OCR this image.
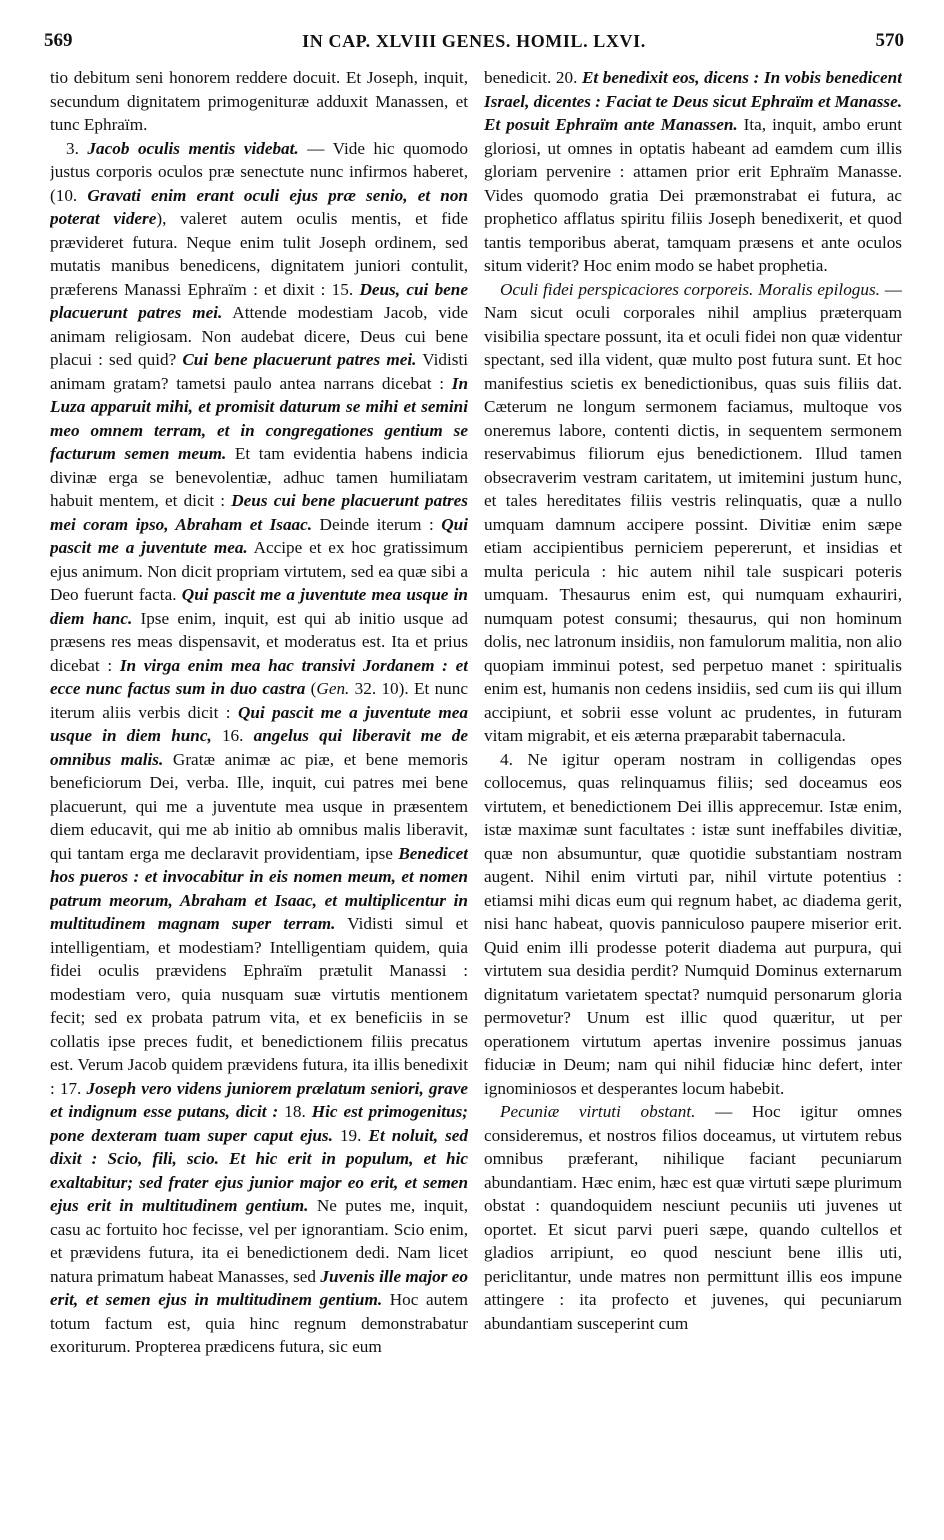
569	IN CAP. XLVIII GENES. HOMIL. LXVI.	570

tio debitum seni honorem reddere docuit. Et Joseph, inquit, secundum dignitatem primogenituræ adduxit Manassen, et tunc Ephraïm.

3. Jacob oculis mentis videbat. — Vide hic quomodo justus corporis oculos præ senectute nunc infirmos haberet, (10. Gravati enim erant oculi ejus præ senio, et non poterat videre), valeret autem oculis mentis, et fide prævideret futura. Neque enim tulit Joseph ordinem, sed mutatis manibus benedicens, dignitatem juniori contulit, præferens Manassi Ephraïm : et dixit : 15. Deus, cui bene placuerunt patres mei. Attende modestiam Jacob, vide animam religiosam. Non audebat dicere, Deus cui bene placui : sed quid? Cui bene placuerunt patres mei. Vidisti animam gratam? tametsi paulo antea narrans dicebat : In Luza apparuit mihi, et promisit daturum se mihi et semini meo omnem terram, et in congregationes gentium se facturum semen meum. Et tam evidentia habens indicia divinæ erga se benevolentiæ, adhuc tamen humiliatam habuit mentem, et dicit : Deus cui bene placuerunt patres mei coram ipso, Abraham et Isaac. Deinde iterum : Qui pascit me a juventute mea. Accipe et ex hoc gratissimum ejus animum. Non dicit propriam virtutem, sed ea quæ sibi a Deo fuerunt facta. Qui pascit me a juventute mea usque in diem hanc. Ipse enim, inquit, est qui ab initio usque ad præsens res meas dispensavit, et moderatus est. Ita et prius dicebat : In virga enim mea hac transivi Jordanem : et ecce nunc factus sum in duo castra (Gen. 32. 10). Et nunc iterum aliis verbis dicit : Qui pascit me a juventute mea usque in diem hunc, 16. angelus qui liberavit me de omnibus malis. Gratæ animæ ac piæ, et bene memoris beneficiorum Dei, verba. Ille, inquit, cui patres mei bene placuerunt, qui me a juventute mea usque in præsentem diem educavit, qui me ab initio ab omnibus malis liberavit, qui tantam erga me declaravit providentiam, ipse Benedicet hos pueros : et invocabitur in eis nomen meum, et nomen patrum meorum, Abraham et Isaac, et multiplicentur in multitudinem magnam super terram. Vidisti simul et intelligentiam, et modestiam? Intelligentiam quidem, quia fidei oculis prævidens Ephraïm prætulit Manassi : modestiam vero, quia nusquam suæ virtutis mentionem fecit; sed ex probata patrum vita, et ex beneficiis in se collatis ipse preces fudit, et benedictionem filiis precatus est. Verum Jacob quidem prævidens futura, ita illis benedixit : 17. Joseph vero videns juniorem prælatum seniori, grave et indignum esse putans, dicit : 18. Hic est primogenitus; pone dexteram tuam super caput ejus. 19. Et noluit, sed dixit : Scio, fili, scio. Et hic erit in populum, et hic exaltabitur; sed frater ejus junior major eo erit, et semen ejus erit in multitudinem gentium. Ne putes me, inquit, casu ac fortuito hoc fecisse, vel per ignorantiam. Scio enim, et prævidens futura, ita ei benedictionem dedi. Nam licet natura primatum habeat Manasses, sed Juvenis ille major eo erit, et semen ejus in multitudinem gentium. Hoc autem totum factum est, quia hinc regnum demonstrabatur exoriturum. Propterea prædicens futura, sic eum

benedicit. 20. Et benedixit eos, dicens : In vobis benedicent Israel, dicentes : Faciat te Deus sicut Ephraïm et Manasse. Et posuit Ephraïm ante Manassen. Ita, inquit, ambo erunt gloriosi, ut omnes in optatis habeant ad eamdem cum illis gloriam pervenire : attamen prior erit Ephraïm Manasse. Vides quomodo gratia Dei præmonstrabat ei futura, ac prophetico afflatus spiritu filiis Joseph benedixerit, et quod tantis temporibus aberat, tamquam præsens et ante oculos situm viderit? Hoc enim modo se habet prophetia.

Oculi fidei perspicaciores corporeis. Moralis epilogus. — Nam sicut oculi corporales nihil amplius præterquam visibilia spectare possunt, ita et oculi fidei non quæ videntur spectant, sed illa vident, quæ multo post futura sunt. Et hoc manifestius scietis ex benedictionibus, quas suis filiis dat. Cæterum ne longum sermonem faciamus, multoque vos oneremus labore, contenti dictis, in sequentem sermonem reservabimus filiorum ejus benedictionem. Illud tamen obsecraverim vestram caritatem, ut imitemini justum hunc, et tales hereditates filiis vestris relinquatis, quæ a nullo umquam damnum accipere possint. Divitiæ enim sæpe etiam accipientibus perniciem pepererunt, et insidias et multa pericula : hic autem nihil tale suspicari poteris umquam. Thesaurus enim est, qui numquam exhauriri, numquam potest consumi; thesaurus, qui non hominum dolis, nec latronum insidiis, non famulorum malitia, non alio quopiam imminui potest, sed perpetuo manet : spiritualis enim est, humanis non cedens insidiis, sed cum iis qui illum accipiunt, et sobrii esse volunt ac prudentes, in futuram vitam migrabit, et eis æterna præparabit tabernacula.

4. Ne igitur operam nostram in colligendas opes collocemus, quas relinquamus filiis; sed doceamus eos virtutem, et benedictionem Dei illis apprecemur. Istæ enim, istæ maximæ sunt facultates : istæ sunt ineffabiles divitiæ, quæ non absumuntur, quæ quotidie substantiam nostram augent. Nihil enim virtuti par, nihil virtute potentius : etiamsi mihi dicas eum qui regnum habet, ac diadema gerit, nisi hanc habeat, quovis panniculoso paupere miserior erit. Quid enim illi prodesse poterit diadema aut purpura, qui virtutem sua desidia perdit? Numquid Dominus externarum dignitatum varietatem spectat? numquid personarum gloria permovetur? Unum est illic quod quæritur, ut per operationem virtutum apertas invenire possimus januas fiduciæ in Deum; nam qui nihil fiduciæ hinc defert, inter ignominiosos et desperantes locum habebit.

Pecuniæ virtuti obstant. — Hoc igitur omnes consideremus, et nostros filios doceamus, ut virtutem rebus omnibus præferant, nihilique faciant pecuniarum abundantiam. Hæc enim, hæc est quæ virtuti sæpe plurimum obstat : quandoquidem nesciunt pecuniis uti juvenes ut oportet. Et sicut parvi pueri sæpe, quando cultellos et gladios arripiunt, eo quod nesciunt bene illis uti, periclitantur, unde matres non permittunt illis eos impune attingere : ita profecto et juvenes, qui pecuniarum abundantiam susceperint cum
